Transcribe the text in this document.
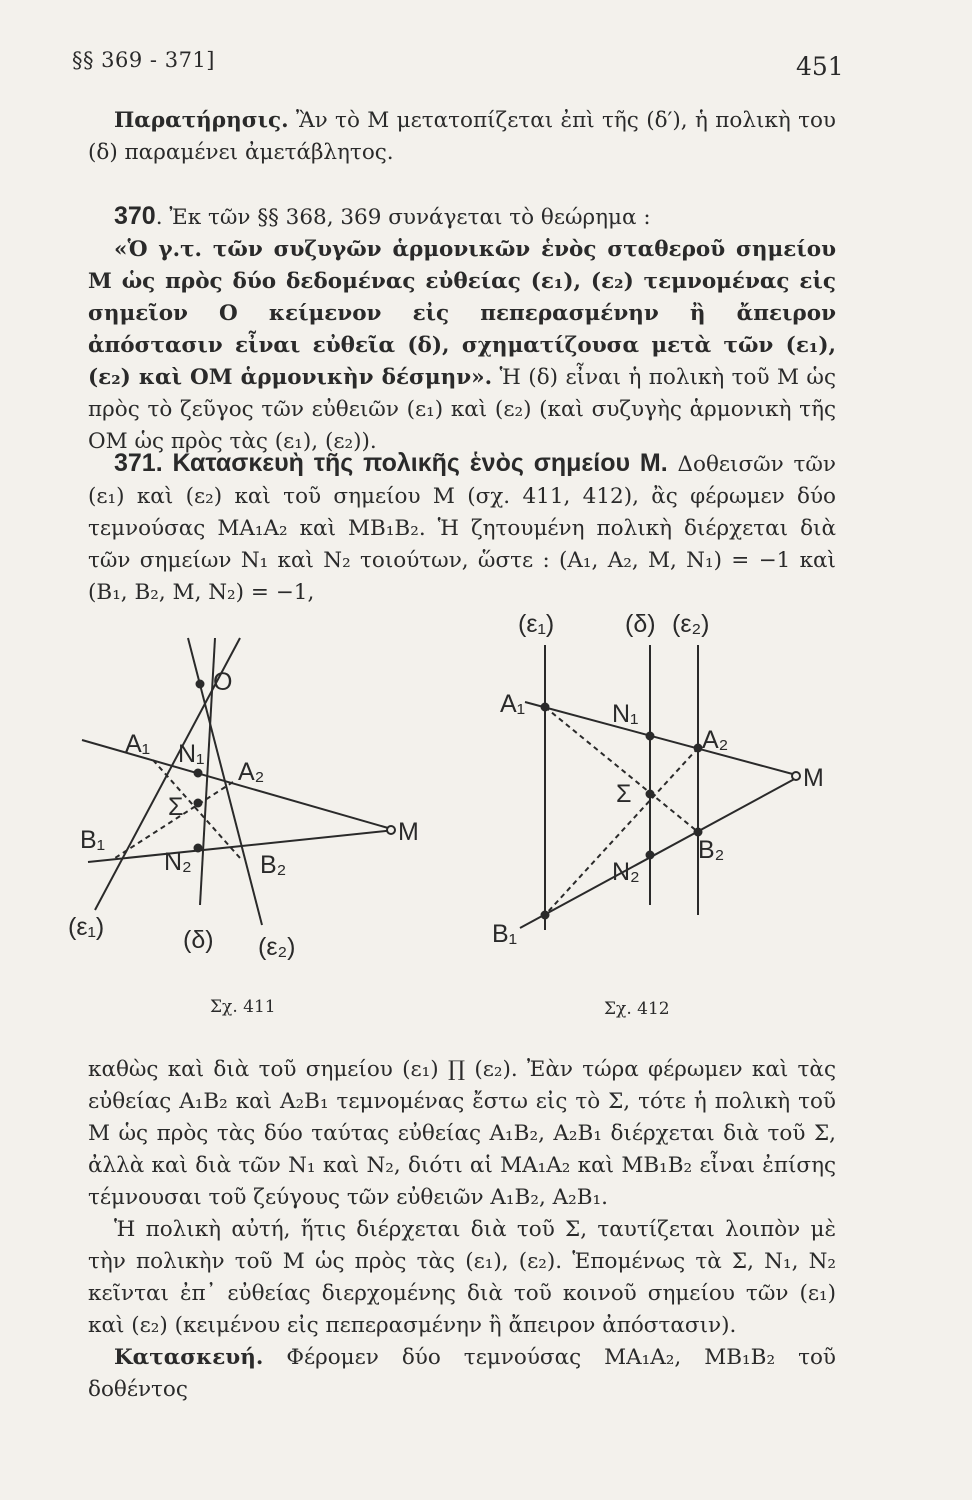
§§ 369 - 371]	451

Παρατήρησις. Ἂν τὸ M μετατοπίζεται ἐπὶ τῆς (δ′), ἡ πολικὴ του (δ) παραμένει ἀμετάβλητος.

370. Ἐκ τῶν §§ 368, 369 συνάγεται τὸ θεώρημα :

«Ὁ γ.τ. τῶν συζυγῶν ἁρμονικῶν ἑνὸς σταθεροῦ σημείου M ὡς πρὸς δύο δεδομένας εὐθείας (ε₁), (ε₂) τεμνομένας εἰς σημεῖον O κείμενον εἰς πεπερασμένην ἢ ἄπειρον ἀπόστασιν εἶναι εὐθεῖα (δ), σχηματίζουσα μετὰ τῶν (ε₁), (ε₂) καὶ OM ἁρμονικὴν δέσμην». Ἡ (δ) εἶναι ἡ πολικὴ τοῦ M ὡς πρὸς τὸ ζεῦγος τῶν εὐθειῶν (ε₁) καὶ (ε₂) (καὶ συζυγὴς ἁρμονικὴ τῆς OM ὡς πρὸς τὰς (ε₁), (ε₂)).

371. Κατασκευὴ τῆς πολικῆς ἑνὸς σημείου M. Δοθεισῶν τῶν (ε₁) καὶ (ε₂) καὶ τοῦ σημείου M (σχ. 411, 412), ἂς φέρωμεν δύο τεμνούσας MA₁A₂ καὶ MB₁B₂. Ἡ ζητουμένη πολικὴ διέρχεται διὰ τῶν σημείων N₁ καὶ N₂ τοιούτων, ὥστε : (A₁, A₂, M, N₁) = −1 καὶ (B₁, B₂, M, N₂) = −1,

O
A₁ N₁
A₂
Σ
B₁
N₂	B₂
M
(ε₁)	(δ) (ε₂)
Σχ. 411
(ε₁)	(δ) (ε₂)
A₁	N₁
A₂
M
Σ
B₂
N₂
B₁
Σχ. 412

καθὼς καὶ διὰ τοῦ σημείου (ε₁) ∏ (ε₂). Ἐὰν τώρα φέρωμεν καὶ τὰς εὐθείας A₁B₂ καὶ A₂B₁ τεμνομένας ἔστω εἰς τὸ Σ, τότε ἡ πολικὴ τοῦ M ὡς πρὸς τὰς δύο ταύτας εὐθείας A₁B₂, A₂B₁ διέρχεται διὰ τοῦ Σ, ἀλλὰ καὶ διὰ τῶν N₁ καὶ N₂, διότι αἱ MA₁A₂ καὶ MB₁B₂ εἶναι ἐπίσης τέμνουσαι τοῦ ζεύγους τῶν εὐθειῶν A₁B₂, A₂B₁.

Ἡ πολικὴ αὐτή, ἥτις διέρχεται διὰ τοῦ Σ, ταυτίζεται λοιπὸν μὲ τὴν πολικὴν τοῦ M ὡς πρὸς τὰς (ε₁), (ε₂). Ἑπομένως τὰ Σ, N₁, N₂ κεῖνται ἐπ᾽ εὐθείας διερχομένης διὰ τοῦ κοινοῦ σημείου τῶν (ε₁) καὶ (ε₂) (κειμένου εἰς πεπερασμένην ἢ ἄπειρον ἀπόστασιν).

Κατασκευή. Φέρομεν δύο τεμνούσας MA₁A₂, MB₁B₂ τοῦ δοθέντος
